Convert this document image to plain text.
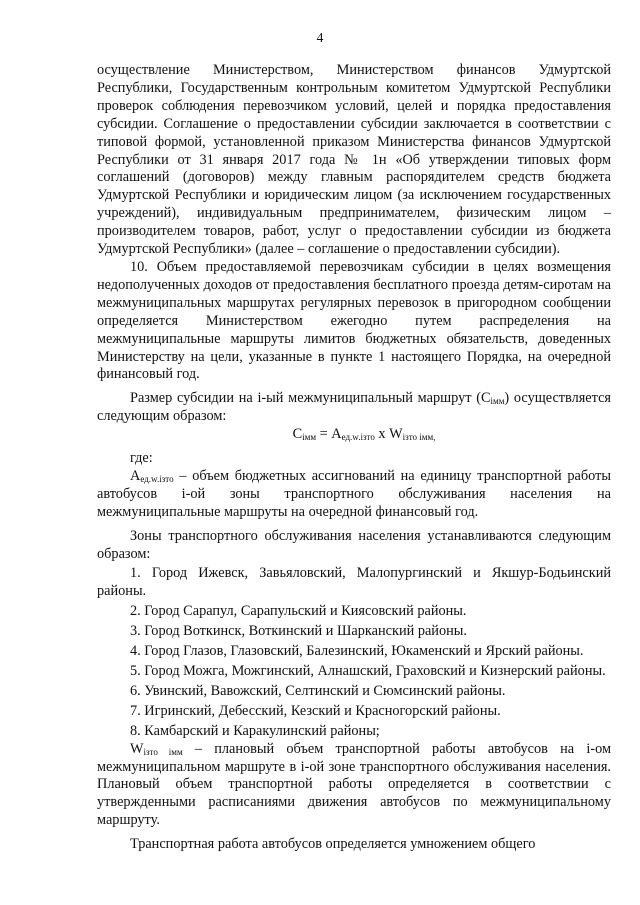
4

осуществление Министерством, Министерством финансов Удмуртской Республики, Государственным контрольным комитетом Удмуртской Республики проверок соблюдения перевозчиком условий, целей и порядка предоставления субсидии. Соглашение о предоставлении субсидии заключается в соответствии с типовой формой, установленной приказом Министерства финансов Удмуртской Республики от 31 января 2017 года № 1н «Об утверждении типовых форм соглашений (договоров) между главным распорядителем средств бюджета Удмуртской Республики и юридическим лицом (за исключением государственных учреждений), индивидуальным предпринимателем, физическим лицом – производителем товаров, работ, услуг о предоставлении субсидии из бюджета Удмуртской Республики» (далее – соглашение о предоставлении субсидии).

10. Объем предоставляемой перевозчикам субсидии в целях возмещения недополученных доходов от предоставления бесплатного проезда детям-сиротам на межмуниципальных маршрутах регулярных перевозок в пригородном сообщении определяется Министерством ежегодно путем распределения на межмуниципальные маршруты лимитов бюджетных обязательств, доведенных Министерству на цели, указанные в пункте 1 настоящего Порядка, на очередной финансовый год.

Размер субсидии на i-ый межмуниципальный маршрут $(С_{iмм})$ осуществляется следующим образом:

$С_{iмм} = А_{ед.w.iзто}$ х $W_{iзто iмм,}$

где:

$А_{ед.w.iзто}$ – объем бюджетных ассигнований на единицу транспортной работы автобусов i-ой зоны транспортного обслуживания населения на межмуниципальные маршруты на очередной финансовый год.

Зоны транспортного обслуживания населения устанавливаются следующим образом:

1. Город Ижевск, Завьяловский, Малопургинский и Якшур-Бодьинский районы.

2. Город Сарапул, Сарапульский и Киясовский районы.

3. Город Воткинск, Воткинский и Шарканский районы.

4. Город Глазов, Глазовский, Балезинский, Юкаменский и Ярский районы.

5. Город Можга, Можгинский, Алнашский, Граховский и Кизнерский районы.

6. Увинский, Вавожский, Селтинский и Сюмсинский районы.

7. Игринский, Дебесский, Кезский и Красногорский районы.

8. Камбарский и Каракулинский районы;

$W_{iзто iмм}$ – плановый объем транспортной работы автобусов на i-ом межмуниципальном маршруте в i-ой зоне транспортного обслуживания населения. Плановый объем транспортной работы определяется в соответствии с утвержденными расписаниями движения автобусов по межмуниципальному маршруту.

Транспортная работа автобусов определяется умножением общего
